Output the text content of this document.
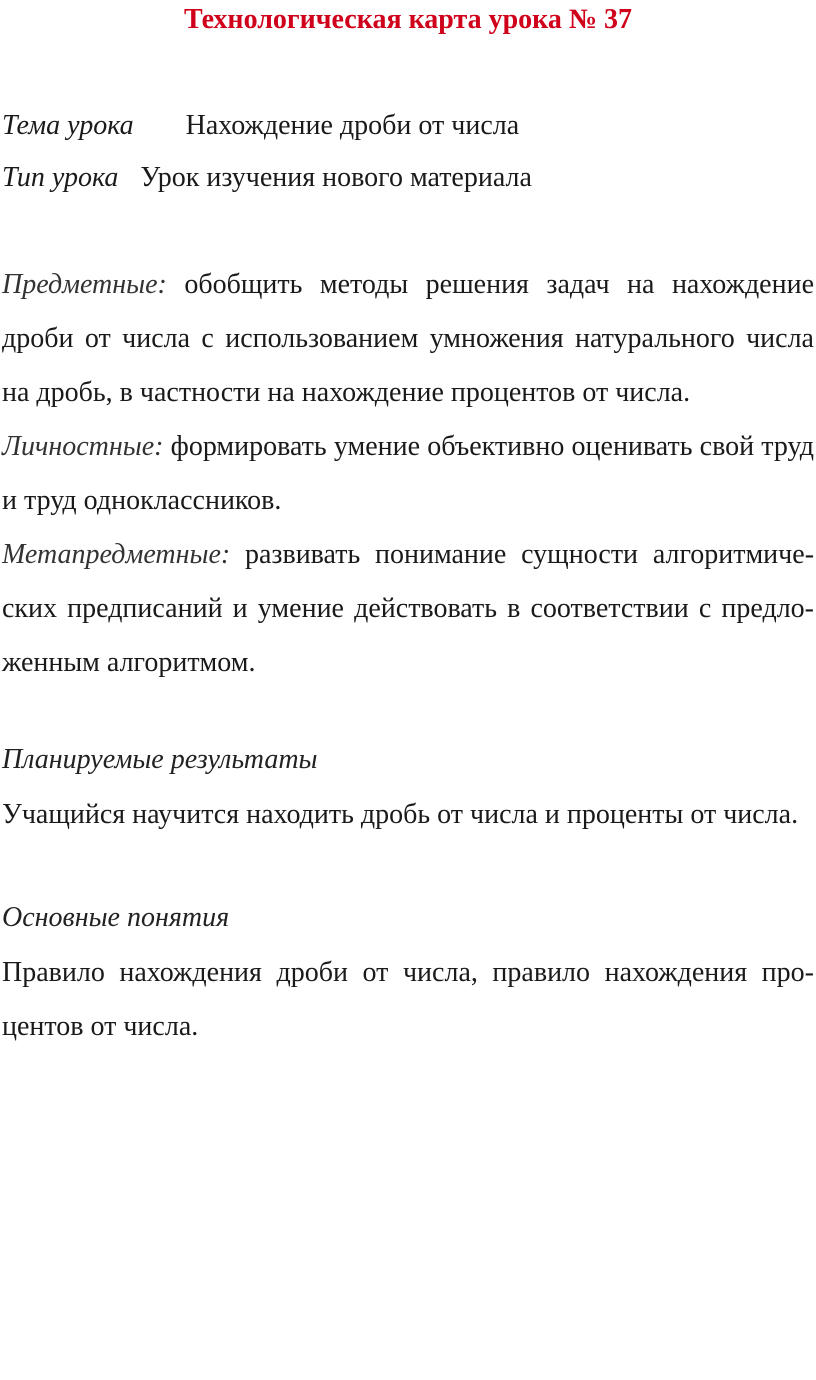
Технологическая карта урока № 37
Тема урока Нахождение дроби от числа
Тип урока Урок изучения нового материала
Предметные: обобщить методы решения задач на нахождение дроби от числа с использованием умножения натурального числа на дробь, в частности на нахождение процентов от числа.
Личностные: формировать умение объективно оценивать свой труд и труд одноклассников.
Метапредметные: развивать понимание сущности алгоритмических предписаний и умение действовать в соответствии с предложенным алгоритмом.
Планируемые результаты
Учащийся научится находить дробь от числа и проценты от числа.
Основные понятия
Правило нахождения дроби от числа, правило нахождения процентов от числа.
